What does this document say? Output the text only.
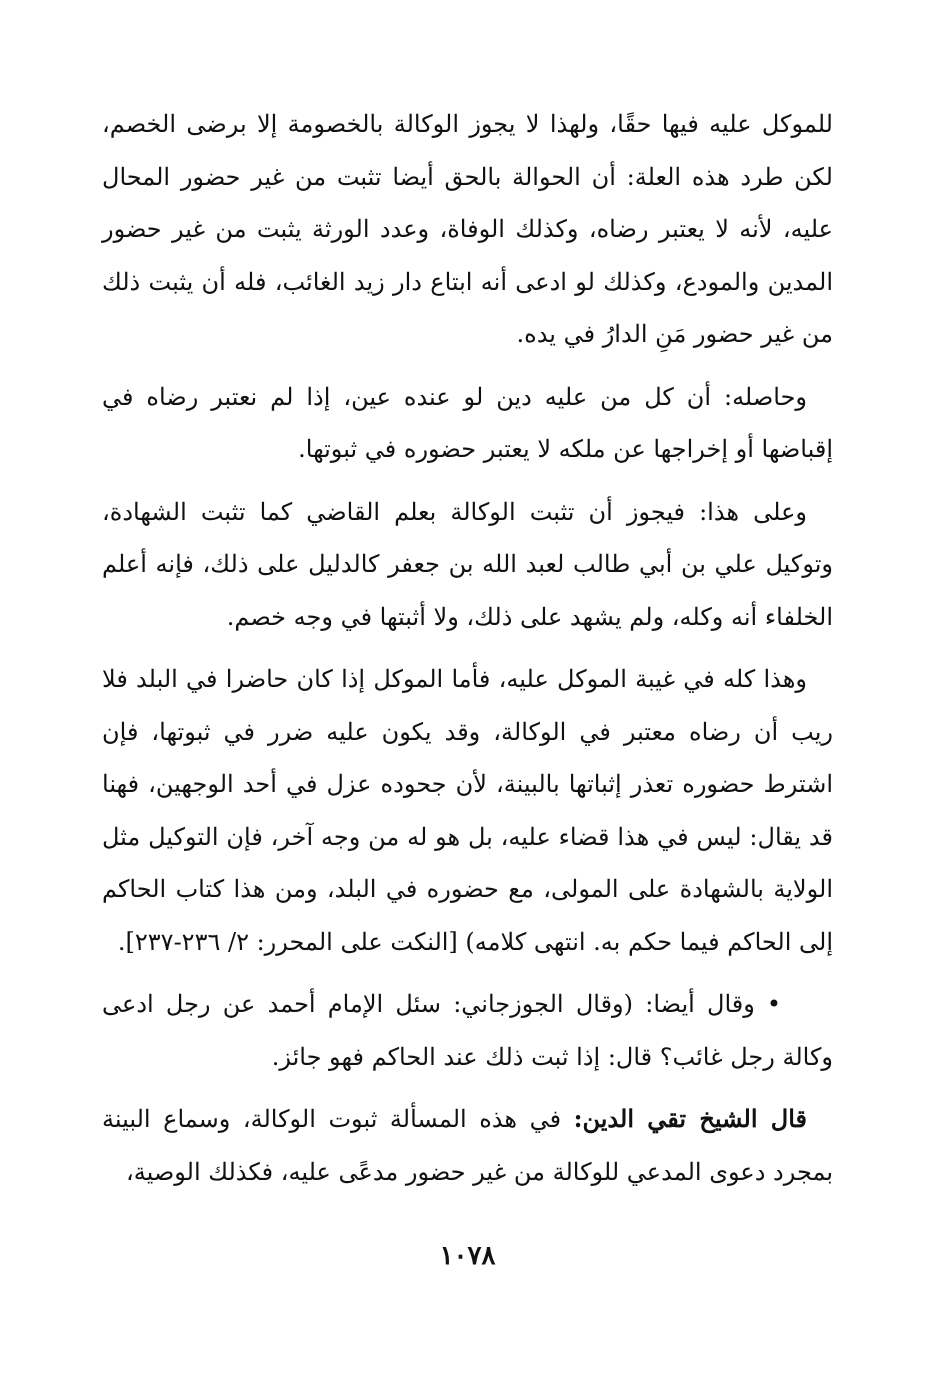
للموكل عليه فيها حقًا، ولهذا لا يجوز الوكالة بالخصومة إلا برضى الخصم، لكن طرد هذه العلة: أن الحوالة بالحق أيضا تثبت من غير حضور المحال عليه، لأنه لا يعتبر رضاه، وكذلك الوفاة، وعدد الورثة يثبت من غير حضور المدين والمودع، وكذلك لو ادعى أنه ابتاع دار زيد الغائب، فله أن يثبت ذلك من غير حضور مَنِ الدارُ في يده.

وحاصله: أن كل من عليه دين لو عنده عين، إذا لم نعتبر رضاه في إقباضها أو إخراجها عن ملكه لا يعتبر حضوره في ثبوتها.

وعلى هذا: فيجوز أن تثبت الوكالة بعلم القاضي كما تثبت الشهادة، وتوكيل علي بن أبي طالب لعبد الله بن جعفر كالدليل على ذلك، فإنه أعلم الخلفاء أنه وكله، ولم يشهد على ذلك، ولا أثبتها في وجه خصم.

وهذا كله في غيبة الموكل عليه، فأما الموكل إذا كان حاضرا في البلد فلا ريب أن رضاه معتبر في الوكالة، وقد يكون عليه ضرر في ثبوتها، فإن اشترط حضوره تعذر إثباتها بالبينة، لأن جحوده عزل في أحد الوجهين، فهنا قد يقال: ليس في هذا قضاء عليه، بل هو له من وجه آخر، فإن التوكيل مثل الولاية بالشهادة على المولى، مع حضوره في البلد، ومن هذا كتاب الحاكم إلى الحاكم فيما حكم به. انتهى كلامه) [النكت على المحرر: ٢/ ٢٣٦-٢٣٧].

•وقال أيضا: (وقال الجوزجاني: سئل الإمام أحمد عن رجل ادعى وكالة رجل غائب؟ قال: إذا ثبت ذلك عند الحاكم فهو جائز.

قال الشيخ تقي الدين: في هذه المسألة ثبوت الوكالة، وسماع البينة بمجرد دعوى المدعي للوكالة من غير حضور مدعًى عليه، فكذلك الوصية،

١٠٧٨
